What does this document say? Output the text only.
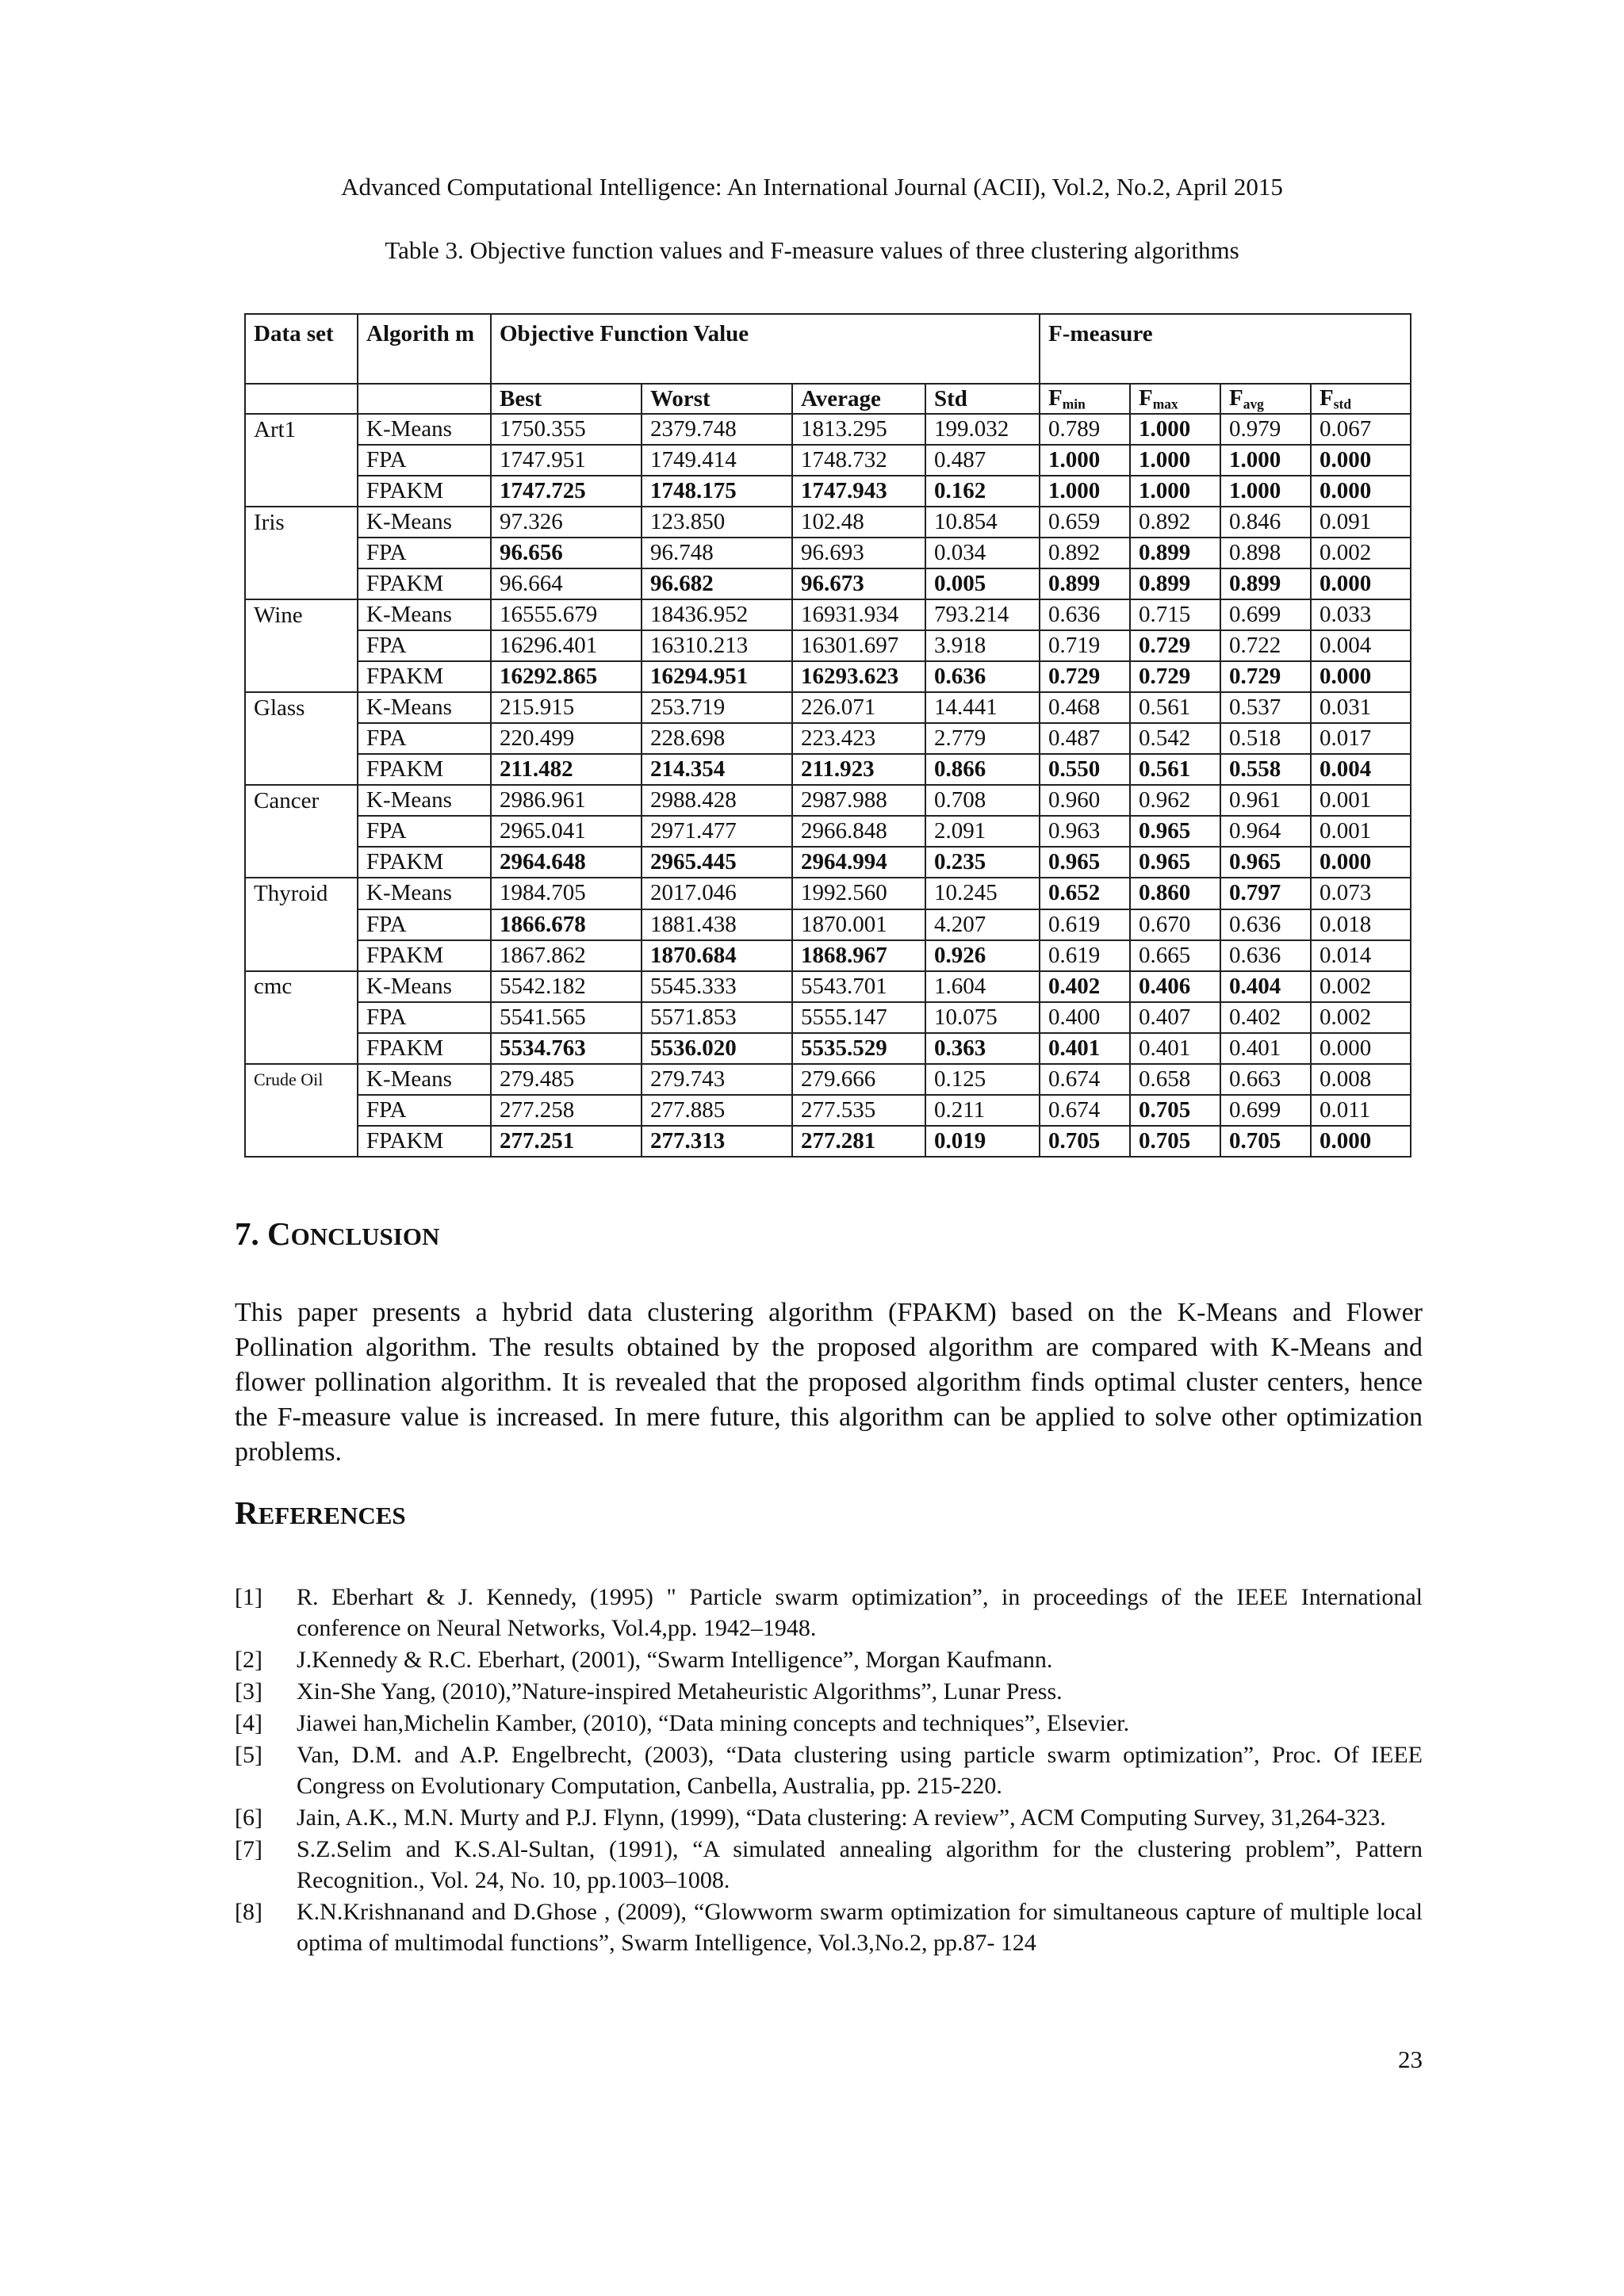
Advanced Computational Intelligence: An International Journal (ACII), Vol.2, No.2, April 2015
Table 3. Objective function values and F-measure values of three clustering algorithms
Data set	Algorith m	Objective Function Value				F-measure			
		Best	Worst	Average	Std	$F_{min}$	$F_{max}$	$F_{avg}$	$F_{std}$
Art1	K-Means	1750.355	2379.748	1813.295	199.032	0.789	1.000	0.979	0.067
	FPA	1747.951	1749.414	1748.732	0.487	1.000	1.000	1.000	0.000
	FPAKM	1747.725	1748.175	1747.943	0.162	1.000	1.000	1.000	0.000
Iris	K-Means	97.326	123.850	102.48	10.854	0.659	0.892	0.846	0.091
	FPA	96.656	96.748	96.693	0.034	0.892	0.899	0.898	0.002
	FPAKM	96.664	96.682	96.673	0.005	0.899	0.899	0.899	0.000
Wine	K-Means	16555.679	18436.952	16931.934	793.214	0.636	0.715	0.699	0.033
	FPA	16296.401	16310.213	16301.697	3.918	0.719	0.729	0.722	0.004
	FPAKM	16292.865	16294.951	16293.623	0.636	0.729	0.729	0.729	0.000
Glass	K-Means	215.915	253.719	226.071	14.441	0.468	0.561	0.537	0.031
	FPA	220.499	228.698	223.423	2.779	0.487	0.542	0.518	0.017
	FPAKM	211.482	214.354	211.923	0.866	0.550	0.561	0.558	0.004
Cancer	K-Means	2986.961	2988.428	2987.988	0.708	0.960	0.962	0.961	0.001
	FPA	2965.041	2971.477	2966.848	2.091	0.963	0.965	0.964	0.001
	FPAKM	2964.648	2965.445	2964.994	0.235	0.965	0.965	0.965	0.000
Thyroid	K-Means	1984.705	2017.046	1992.560	10.245	0.652	0.860	0.797	0.073
	FPA	1866.678	1881.438	1870.001	4.207	0.619	0.670	0.636	0.018
	FPAKM	1867.862	1870.684	1868.967	0.926	0.619	0.665	0.636	0.014
cmc	K-Means	5542.182	5545.333	5543.701	1.604	0.402	0.406	0.404	0.002
	FPA	5541.565	5571.853	5555.147	10.075	0.400	0.407	0.402	0.002
	FPAKM	5534.763	5536.020	5535.529	0.363	0.401	0.401	0.401	0.000
Crude Oil	K-Means	279.485	279.743	279.666	0.125	0.674	0.658	0.663	0.008
	FPA	277.258	277.885	277.535	0.211	0.674	0.705	0.699	0.011
	FPAKM	277.251	277.313	277.281	0.019	0.705	0.705	0.705	0.000
7. CONCLUSION

This paper presents a hybrid data clustering algorithm (FPAKM) based on the K-Means and Flower Pollination algorithm. The results obtained by the proposed algorithm are compared with K-Means and flower pollination algorithm. It is revealed that the proposed algorithm finds optimal cluster centers, hence the F-measure value is increased. In mere future, this algorithm can be applied to solve other optimization problems.

REFERENCES
[1]	R. Eberhart & J. Kennedy, (1995) " Particle swarm optimization”, in proceedings of the IEEE International conference on Neural Networks, Vol.4,pp. 1942–1948.
[2]	J.Kennedy & R.C. Eberhart, (2001), “Swarm Intelligence”, Morgan Kaufmann.
[3]	Xin-She Yang, (2010),”Nature-inspired Metaheuristic Algorithms”, Lunar Press.
[4]	Jiawei han,Michelin Kamber, (2010), “Data mining concepts and techniques”, Elsevier.
[5]	Van, D.M. and A.P. Engelbrecht, (2003), “Data clustering using particle swarm optimization”, Proc. Of IEEE Congress on Evolutionary Computation, Canbella, Australia, pp. 215-220.
[6]	Jain, A.K., M.N. Murty and P.J. Flynn, (1999), “Data clustering: A review”, ACM Computing Survey, 31,264-323.
[7]	S.Z.Selim and K.S.Al-Sultan, (1991), “A simulated annealing algorithm for the clustering problem”, Pattern Recognition., Vol. 24, No. 10, pp.1003–1008.
[8]	K.N.Krishnanand and D.Ghose , (2009), “Glowworm swarm optimization for simultaneous capture of multiple local optima of multimodal functions”, Swarm Intelligence, Vol.3,No.2, pp.87- 124
23
